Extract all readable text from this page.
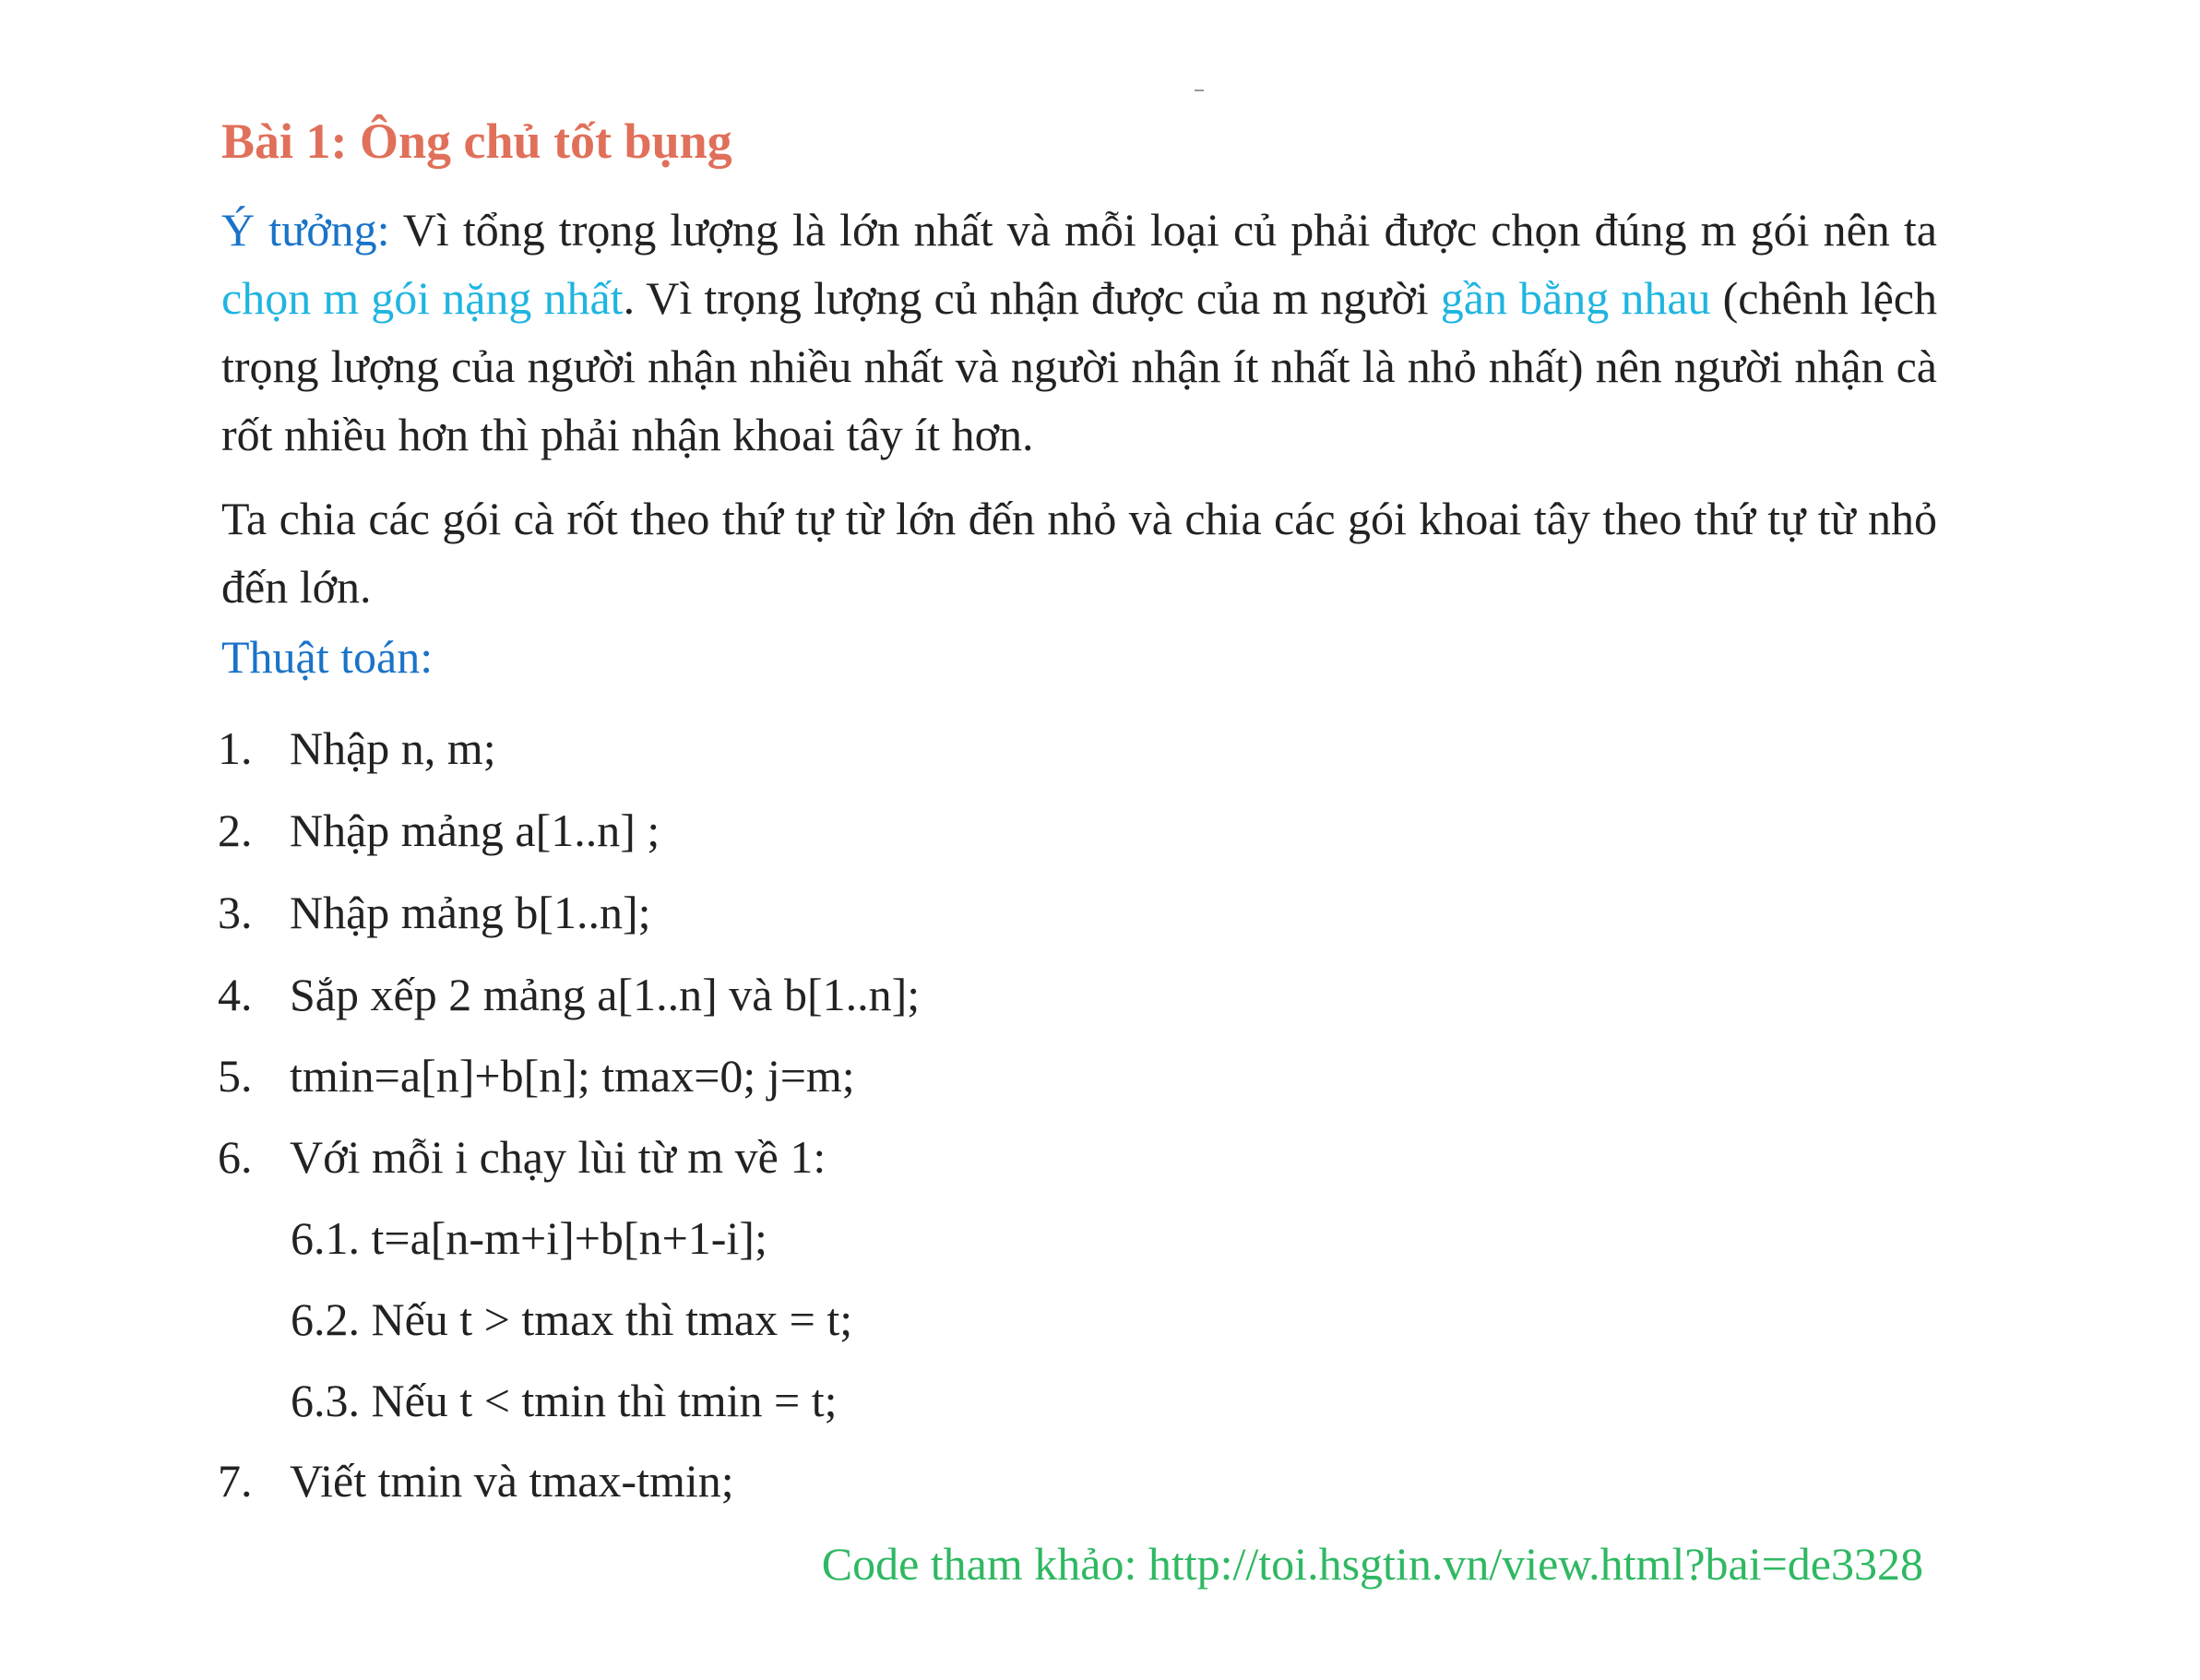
Bài 1: Ông chủ tốt bụng
Ý tưởng: Vì tổng trọng lượng là lớn nhất và mỗi loại củ phải được chọn đúng m gói nên ta chọn m gói nặng nhất. Vì trọng lượng củ nhận được của m người gần bằng nhau (chênh lệch trọng lượng của người nhận nhiều nhất và người nhận ít nhất là nhỏ nhất) nên người nhận cà rốt nhiều hơn thì phải nhận khoai tây ít hơn.
Ta chia các gói cà rốt theo thứ tự từ lớn đến nhỏ và chia các gói khoai tây theo thứ tự từ nhỏ đến lớn.
Thuật toán:
1. Nhập n, m;
2. Nhập mảng a[1..n] ;
3. Nhập mảng b[1..n];
4. Sắp xếp 2 mảng a[1..n] và b[1..n];
5. tmin=a[n]+b[n]; tmax=0; j=m;
6. Với mỗi i chạy lùi từ m về 1:
6.1. t=a[n-m+i]+b[n+1-i];
6.2. Nếu t > tmax thì tmax = t;
6.3. Nếu t < tmin thì tmin = t;
7. Viết tmin và tmax-tmin;
Code tham khảo: http://toi.hsgtin.vn/view.html?bai=de3328
